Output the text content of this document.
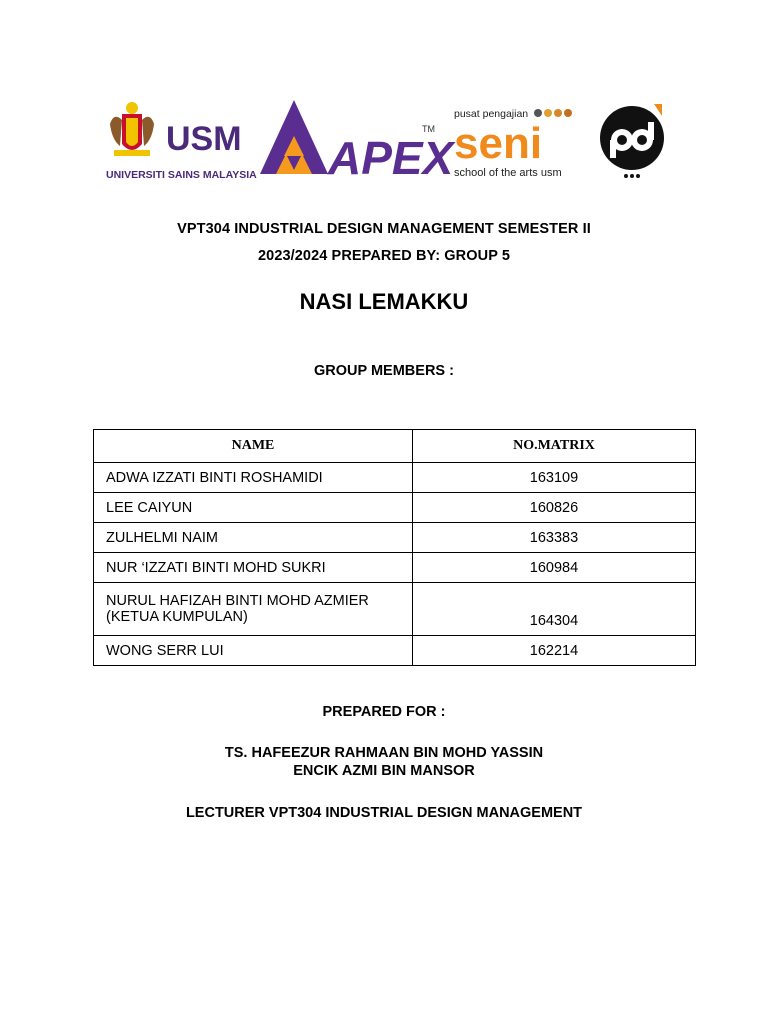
USM
UNIVERSITI SAINS MALAYSIA APEX
TM
pusat pengajian
seni
school of the arts usm
VPT304 INDUSTRIAL DESIGN MANAGEMENT SEMESTER II
2023/2024 PREPARED BY: GROUP 5
NASI LEMAKKU
GROUP MEMBERS :
NAME	NO.MATRIX
ADWA IZZATI BINTI ROSHAMIDI	163109
LEE CAIYUN	160826
ZULHELMI NAIM	163383
NUR ‘IZZATI BINTI MOHD SUKRI	160984

NURUL HAFIZAH BINTI MOHD AZMIER
(KETUA KUMPULAN)	164304
WONG SERR LUI	162214
PREPARED FOR :
TS. HAFEEZUR RAHMAAN BIN MOHD YASSIN
ENCIK AZMI BIN MANSOR
LECTURER VPT304 INDUSTRIAL DESIGN MANAGEMENT
